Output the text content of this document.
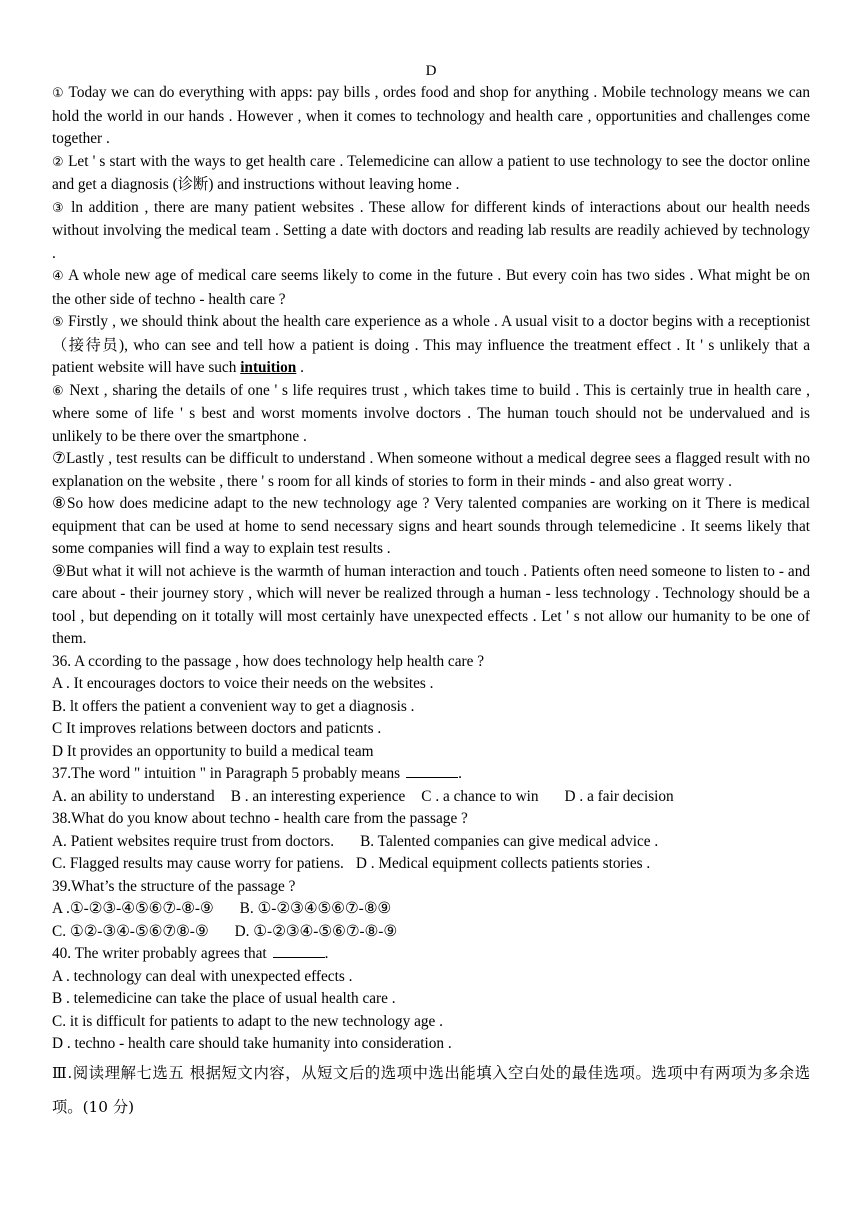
D

① Today we can do everything with apps: pay bills , ordes food and shop for anything . Mobile technology means we can hold the world in our hands . However , when it comes to technology and health care , opportunities and challenges come together .

② Let ' s start with the ways to get health care . Telemedicine can allow a patient to use technology to see the doctor online and get a diagnosis (诊断) and instructions without leaving home .

③ ln addition , there are many patient websites . These allow for different kinds of interactions about our health needs without involving the medical team . Setting a date with doctors and reading lab results are readily achieved by technology .

④ A whole new age of medical care seems likely to come in the future . But every coin has two sides . What might be on the other side of techno - health care ?

⑤ Firstly , we should think about the health care experience as a whole . A usual visit to a doctor begins with a receptionist（接待员), who can see and tell how a patient is doing . This may influence the treatment effect . It ' s unlikely that a patient website will have such intuition .

⑥ Next , sharing the details of one ' s life requires trust , which takes time to build . This is certainly true in health care , where some of life ' s best and worst moments involve doctors . The human touch should not be undervalued and is unlikely to be there over the smartphone .

⑦Lastly , test results can be difficult to understand . When someone without a medical degree sees a flagged result with no explanation on the website , there ' s room for all kinds of stories to form in their minds - and also great worry .

⑧So how does medicine adapt to the new technology age ? Very talented companies are working on it There is medical equipment that can be used at home to send necessary signs and heart sounds through telemedicine . It seems likely that some companies will find a way to explain test results .

⑨But what it will not achieve is the warmth of human interaction and touch . Patients often need someone to listen to - and care about - their journey story , which will never be realized through a human - less technology . Technology should be a tool , but depending on it totally will most certainly have unexpected effects . Let ' s not allow our humanity to be one of them.

36. A ccording to the passage , how does technology help health care ?

A . It encourages doctors to voice their needs on the websites .

B. lt offers the patient a convenient way to get a diagnosis .

C It improves relations between doctors and paticnts .

D It provides an opportunity to build a medical team

37.The word " intuition " in Paragraph 5 probably means	.

A. an ability to understand B . an interesting experience C . a chance to win D . a fair decision

38.What do you know about techno - health care from the passage ?

A. Patient websites require trust from doctors. B. Talented companies can give medical advice .

C. Flagged results may cause worry for patiens. D . Medical equipment collects patients stories .

39.What’s the structure of the passage ?

A .①-②③-④⑤⑥⑦-⑧-⑨ B. ①-②③④⑤⑥⑦-⑧⑨

C. ①②-③④-⑤⑥⑦⑧-⑨ D. ①-②③④-⑤⑥⑦-⑧-⑨

40. The writer probably agrees that	.

A . technology can deal with unexpected effects .

B . telemedicine can take the place of usual health care .

C. it is difficult for patients to adapt to the new technology age .

D . techno - health care should take humanity into consideration .

Ⅲ.阅读理解七选五 根据短文内容，从短文后的选项中选出能填入空白处的最佳选项。选项中有两项为多余选项。(10 分)
